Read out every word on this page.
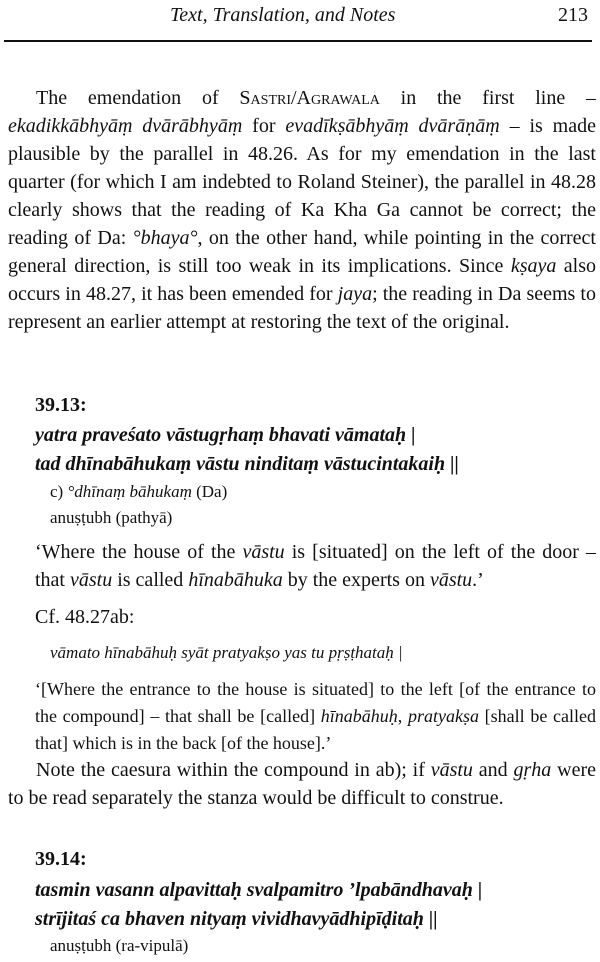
Text, Translation, and Notes	213

The emendation of Sastri/Agrawala in the first line – ekadikkābhyāṃ dvārābhyāṃ for evadīkṣābhyāṃ dvārāṇāṃ – is made plausible by the parallel in 48.26. As for my emendation in the last quarter (for which I am indebted to Roland Steiner), the parallel in 48.28 clearly shows that the reading of Ka Kha Ga cannot be correct; the reading of Da: °bhaya°, on the other hand, while pointing in the correct general direction, is still too weak in its implications. Since kṣaya also occurs in 48.27, it has been emended for jaya; the reading in Da seems to represent an earlier attempt at restoring the text of the original.

39.13:
yatra praveśato vāstugṛhaṃ bhavati vāmataḥ |
tad dhīnabāhukaṃ vāstu ninditaṃ vāstucintakaiḥ ||
c) °dhīnaṃ bāhukaṃ (Da)
anuṣṭubh (pathyā)

‘Where the house of the vāstu is [situated] on the left of the door – that vāstu is called hīnabāhuka by the experts on vāstu.’

Cf. 48.27ab:
vāmato hīnabāhuḥ syāt pratyakṣo yas tu pṛṣṭhataḥ |

‘[Where the entrance to the house is situated] to the left [of the entrance to the compound] – that shall be [called] hīnabāhuḥ, pratyakṣa [shall be called that] which is in the back [of the house].’

Note the caesura within the compound in ab); if vāstu and gṛha were to be read separately the stanza would be difficult to construe.

39.14:
tasmin vasann alpavittaḥ svalpamitro ’lpabāndhavaḥ |
strījitaś ca bhaven nityaṃ vividhavyādhipīḍitaḥ ||
anuṣṭubh (ra-vipulā)
